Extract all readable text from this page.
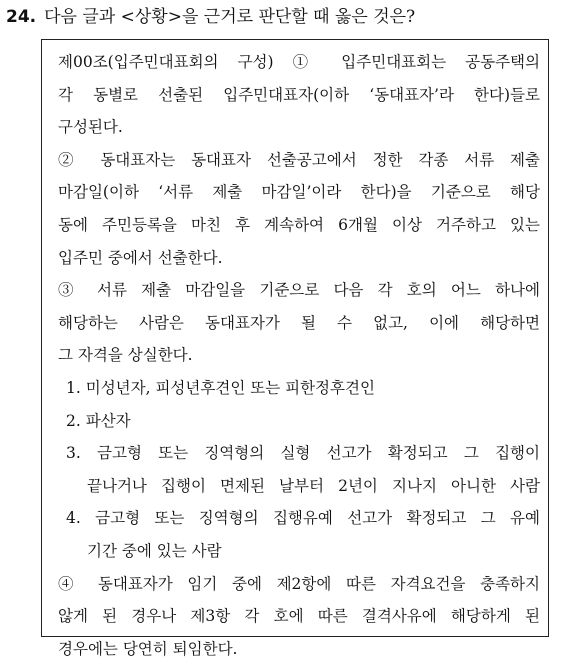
24. 다음 글과 <상황>을 근거로 판단할 때 옳은 것은?
제00조(입주민대표회의 구성) ① 입주민대표회는 공동주택의
각 동별로 선출된 입주민대표자(이하 ‘동대표자’라 한다)들로
구성된다.
② 동대표자는 동대표자 선출공고에서 정한 각종 서류 제출
마감일(이하 ‘서류 제출 마감일’이라 한다)을 기준으로 해당
동에 주민등록을 마친 후 계속하여 6개월 이상 거주하고 있는
입주민 중에서 선출한다.
③ 서류 제출 마감일을 기준으로 다음 각 호의 어느 하나에
해당하는 사람은 동대표자가 될 수 없고, 이에 해당하면
그 자격을 상실한다.
1. 미성년자, 피성년후견인 또는 피한정후견인
2. 파산자
3. 금고형 또는 징역형의 실형 선고가 확정되고 그 집행이
끝나거나 집행이 면제된 날부터 2년이 지나지 아니한 사람
4. 금고형 또는 징역형의 집행유예 선고가 확정되고 그 유예
기간 중에 있는 사람
④ 동대표자가 임기 중에 제2항에 따른 자격요건을 충족하지
않게 된 경우나 제3항 각 호에 따른 결격사유에 해당하게 된
경우에는 당연히 퇴임한다.
